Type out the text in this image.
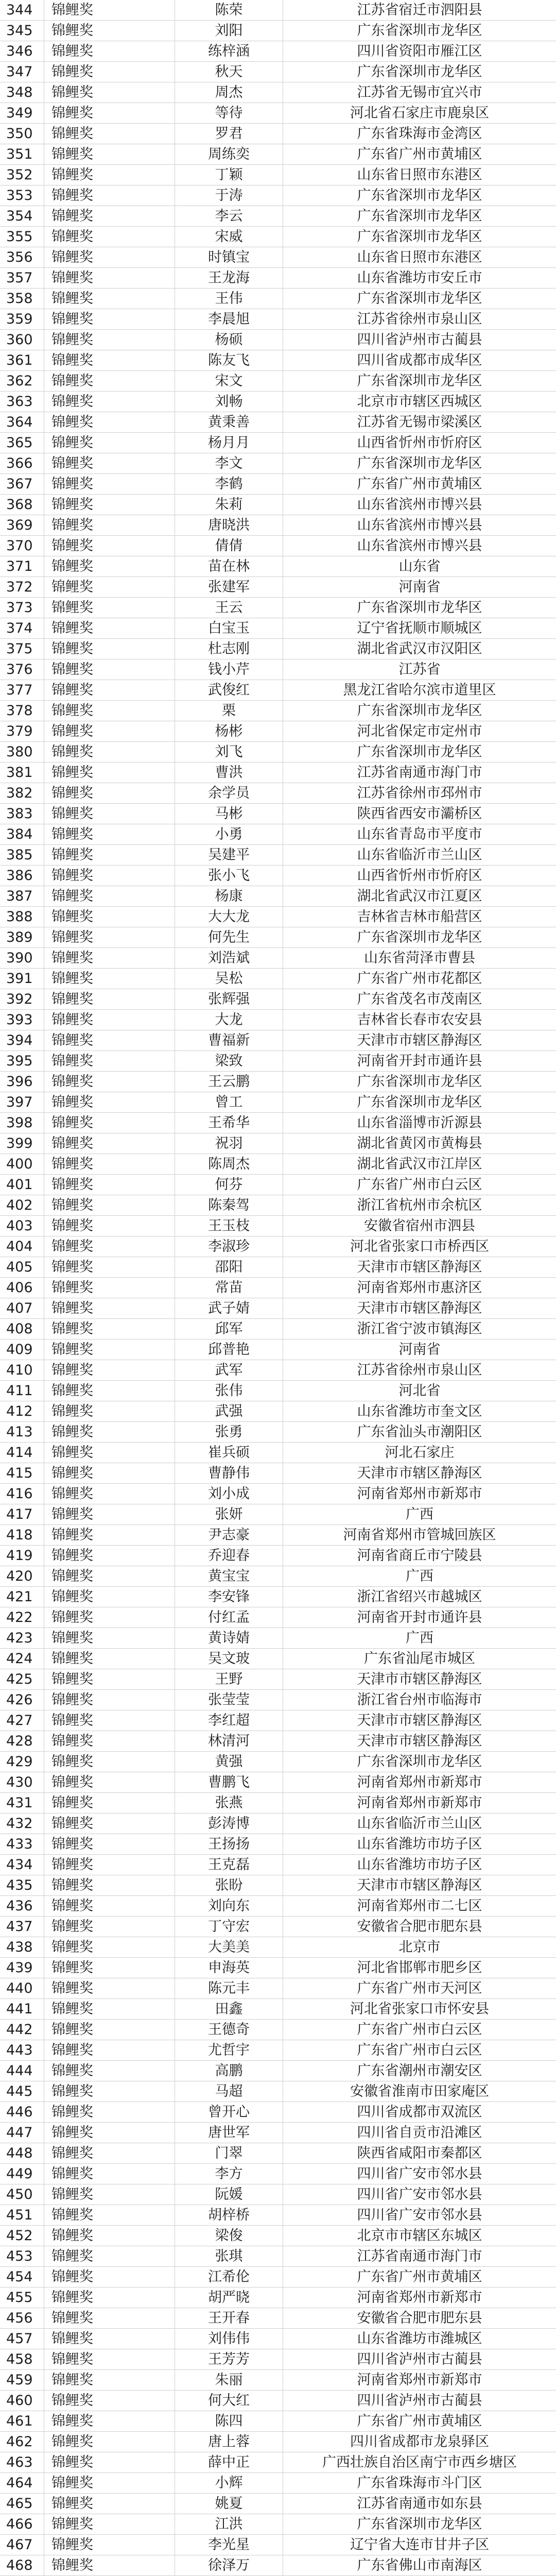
344	锦鲤奖	陈荣	江苏省宿迁市泗阳县
345	锦鲤奖	刘阳	广东省深圳市龙华区
346	锦鲤奖	练梓涵	四川省资阳市雁江区
347	锦鲤奖	秋天	广东省深圳市龙华区
348	锦鲤奖	周杰	江苏省无锡市宜兴市
349	锦鲤奖	等待	河北省石家庄市鹿泉区
350	锦鲤奖	罗君	广东省珠海市金湾区
351	锦鲤奖	周练奕	广东省广州市黄埔区
352	锦鲤奖	丁颖	山东省日照市东港区
353	锦鲤奖	于涛	广东省深圳市龙华区
354	锦鲤奖	李云	广东省深圳市龙华区
355	锦鲤奖	宋威	广东省深圳市龙华区
356	锦鲤奖	时镇宝	山东省日照市东港区
357	锦鲤奖	王龙海	山东省潍坊市安丘市
358	锦鲤奖	王伟	广东省深圳市龙华区
359	锦鲤奖	李晨旭	江苏省徐州市泉山区
360	锦鲤奖	杨硕	四川省泸州市古蔺县
361	锦鲤奖	陈友飞	四川省成都市成华区
362	锦鲤奖	宋文	广东省深圳市龙华区
363	锦鲤奖	刘畅	北京市市辖区西城区
364	锦鲤奖	黄秉善	江苏省无锡市梁溪区
365	锦鲤奖	杨月月	山西省忻州市忻府区
366	锦鲤奖	李文	广东省深圳市龙华区
367	锦鲤奖	李鹤	广东省广州市黄埔区
368	锦鲤奖	朱莉	山东省滨州市博兴县
369	锦鲤奖	唐晓洪	山东省滨州市博兴县
370	锦鲤奖	倩倩	山东省滨州市博兴县
371	锦鲤奖	苗在林	山东省
372	锦鲤奖	张建军	河南省
373	锦鲤奖	王云	广东省深圳市龙华区
374	锦鲤奖	白宝玉	辽宁省抚顺市顺城区
375	锦鲤奖	杜志刚	湖北省武汉市汉阳区
376	锦鲤奖	钱小芹	江苏省
377	锦鲤奖	武俊红	黑龙江省哈尔滨市道里区
378	锦鲤奖	栗	广东省深圳市龙华区
379	锦鲤奖	杨彬	河北省保定市定州市
380	锦鲤奖	刘飞	广东省深圳市龙华区
381	锦鲤奖	曹洪	江苏省南通市海门市
382	锦鲤奖	余学员	江苏省徐州市邳州市
383	锦鲤奖	马彬	陕西省西安市灞桥区
384	锦鲤奖	小勇	山东省青岛市平度市
385	锦鲤奖	吴建平	山东省临沂市兰山区
386	锦鲤奖	张小飞	山西省忻州市忻府区
387	锦鲤奖	杨康	湖北省武汉市江夏区
388	锦鲤奖	大大龙	吉林省吉林市船营区
389	锦鲤奖	何先生	广东省深圳市龙华区
390	锦鲤奖	刘浩斌	山东省菏泽市曹县
391	锦鲤奖	吴松	广东省广州市花都区
392	锦鲤奖	张辉强	广东省茂名市茂南区
393	锦鲤奖	大龙	吉林省长春市农安县
394	锦鲤奖	曹福新	天津市市辖区静海区
395	锦鲤奖	梁致	河南省开封市通许县
396	锦鲤奖	王云鹏	广东省深圳市龙华区
397	锦鲤奖	曾工	广东省深圳市龙华区
398	锦鲤奖	王希华	山东省淄博市沂源县
399	锦鲤奖	祝羽	湖北省黄冈市黄梅县
400	锦鲤奖	陈周杰	湖北省武汉市江岸区
401	锦鲤奖	何芬	广东省广州市白云区
402	锦鲤奖	陈秦驾	浙江省杭州市余杭区
403	锦鲤奖	王玉枝	安徽省宿州市泗县
404	锦鲤奖	李淑珍	河北省张家口市桥西区
405	锦鲤奖	邵阳	天津市市辖区静海区
406	锦鲤奖	常苗	河南省郑州市惠济区
407	锦鲤奖	武子婧	天津市市辖区静海区
408	锦鲤奖	邱军	浙江省宁波市镇海区
409	锦鲤奖	邱普艳	河南省
410	锦鲤奖	武军	江苏省徐州市泉山区
411	锦鲤奖	张伟	河北省
412	锦鲤奖	武强	山东省潍坊市奎文区
413	锦鲤奖	张勇	广东省汕头市潮阳区
414	锦鲤奖	崔兵硕	河北石家庄
415	锦鲤奖	曹静伟	天津市市辖区静海区
416	锦鲤奖	刘小成	河南省郑州市新郑市
417	锦鲤奖	张妍	广西
418	锦鲤奖	尹志豪	河南省郑州市管城回族区
419	锦鲤奖	乔迎春	河南省商丘市宁陵县
420	锦鲤奖	黄宝宝	广西
421	锦鲤奖	李安锋	浙江省绍兴市越城区
422	锦鲤奖	付红孟	河南省开封市通许县
423	锦鲤奖	黄诗婧	广西
424	锦鲤奖	吴文玻	广东省汕尾市城区
425	锦鲤奖	王野	天津市市辖区静海区
426	锦鲤奖	张莹莹	浙江省台州市临海市
427	锦鲤奖	李红超	天津市市辖区静海区
428	锦鲤奖	林清河	天津市市辖区静海区
429	锦鲤奖	黄强	广东省深圳市龙华区
430	锦鲤奖	曹鹏飞	河南省郑州市新郑市
431	锦鲤奖	张燕	河南省郑州市新郑市
432	锦鲤奖	彭涛博	山东省临沂市兰山区
433	锦鲤奖	王扬扬	山东省潍坊市坊子区
434	锦鲤奖	王克磊	山东省潍坊市坊子区
435	锦鲤奖	张盼	天津市市辖区静海区
436	锦鲤奖	刘向东	河南省郑州市二七区
437	锦鲤奖	丁守宏	安徽省合肥市肥东县
438	锦鲤奖	大美美	北京市
439	锦鲤奖	申海英	河北省邯郸市肥乡区
440	锦鲤奖	陈元丰	广东省广州市天河区
441	锦鲤奖	田鑫	河北省张家口市怀安县
442	锦鲤奖	王德奇	广东省广州市白云区
443	锦鲤奖	尤哲宇	广东省广州市白云区
444	锦鲤奖	高鹏	广东省潮州市潮安区
445	锦鲤奖	马超	安徽省淮南市田家庵区
446	锦鲤奖	曾开心	四川省成都市双流区
447	锦鲤奖	唐世军	四川省自贡市沿滩区
448	锦鲤奖	门翠	陕西省咸阳市秦都区
449	锦鲤奖	李方	四川省广安市邻水县
450	锦鲤奖	阮媛	四川省广安市邻水县
451	锦鲤奖	胡梓桥	四川省广安市邻水县
452	锦鲤奖	梁俊	北京市市辖区东城区
453	锦鲤奖	张琪	江苏省南通市海门市
454	锦鲤奖	江希伦	广东省广州市黄埔区
455	锦鲤奖	胡严晓	河南省郑州市新郑市
456	锦鲤奖	王开春	安徽省合肥市肥东县
457	锦鲤奖	刘伟伟	山东省潍坊市潍城区
458	锦鲤奖	王芳芳	四川省泸州市古蔺县
459	锦鲤奖	朱丽	河南省郑州市新郑市
460	锦鲤奖	何大红	四川省泸州市古蔺县
461	锦鲤奖	陈四	广东省广州市黄埔区
462	锦鲤奖	唐上蓉	四川省成都市龙泉驿区
463	锦鲤奖	薛中正	广西壮族自治区南宁市西乡塘区
464	锦鲤奖	小辉	广东省珠海市斗门区
465	锦鲤奖	姚夏	江苏省南通市如东县
466	锦鲤奖	江洪	广东省深圳市龙华区
467	锦鲤奖	李光星	辽宁省大连市甘井子区
468	锦鲤奖	徐泽万	广东省佛山市南海区
